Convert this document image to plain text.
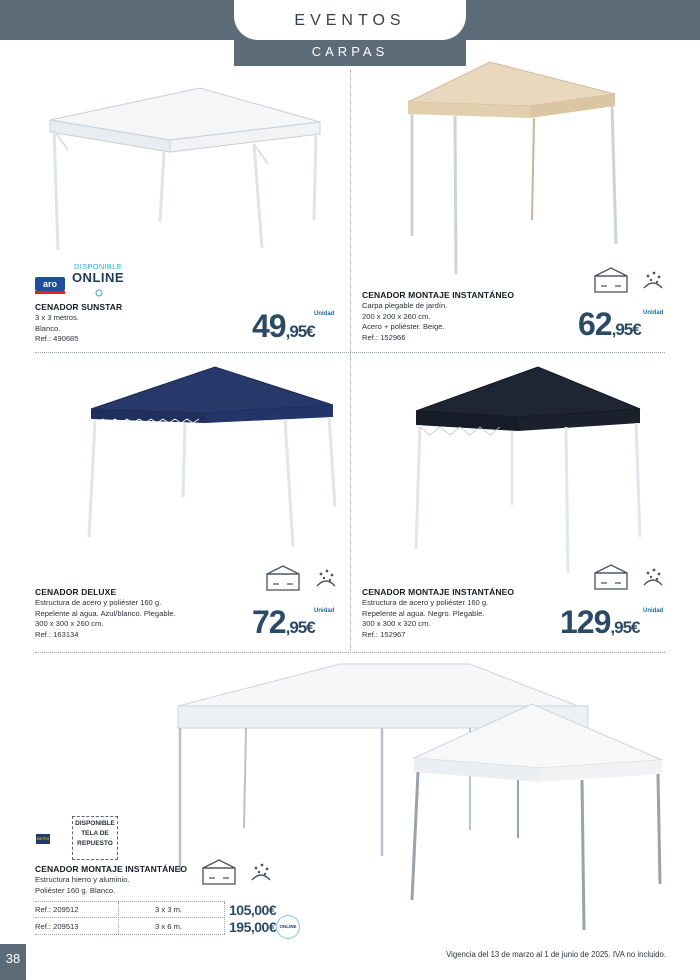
EVENTOS
CARPAS
aro
DISPONIBLE
ONLINE
CENADOR SUNSTAR
3 x 3 metros.
Blanco.
Ref.: 490685
Unidad
49,95€
CENADOR MONTAJE INSTANTÁNEO
Carpa plegable de jardín.
200 x 200 x 260 cm.
Acero + poliéster. Beige.
Ref.: 152966
Unidad
62,95€
CENADOR DELUXE
Estructura de acero y poliéster 160 g.
Repelente al agua. Azul/blanco. Plegable.
300 x 300 x 260 cm.
Ref.: 163134
Unidad
72,95€
CENADOR MONTAJE INSTANTÁNEO
Estructura de acero y poliéster 160 g.
Repelente al agua. Negro. Plegable.
300 x 300 x 320 cm.
Ref.: 152967
Unidad
129,95€
METRO
DISPONIBLE
TELA DE
REPUESTO
CENADOR MONTAJE INSTANTÁNEO
Estructura hierro y aluminio.
Poliéster 160 g. Blanco.
Ref.: 209512	3 x 3 m.	105,00€
Ref.: 209513	3 x 6 m.	195,00€ ONLINE
38	Vigencia del 13 de marzo al 1 de junio de 2025. IVA no incluido.
